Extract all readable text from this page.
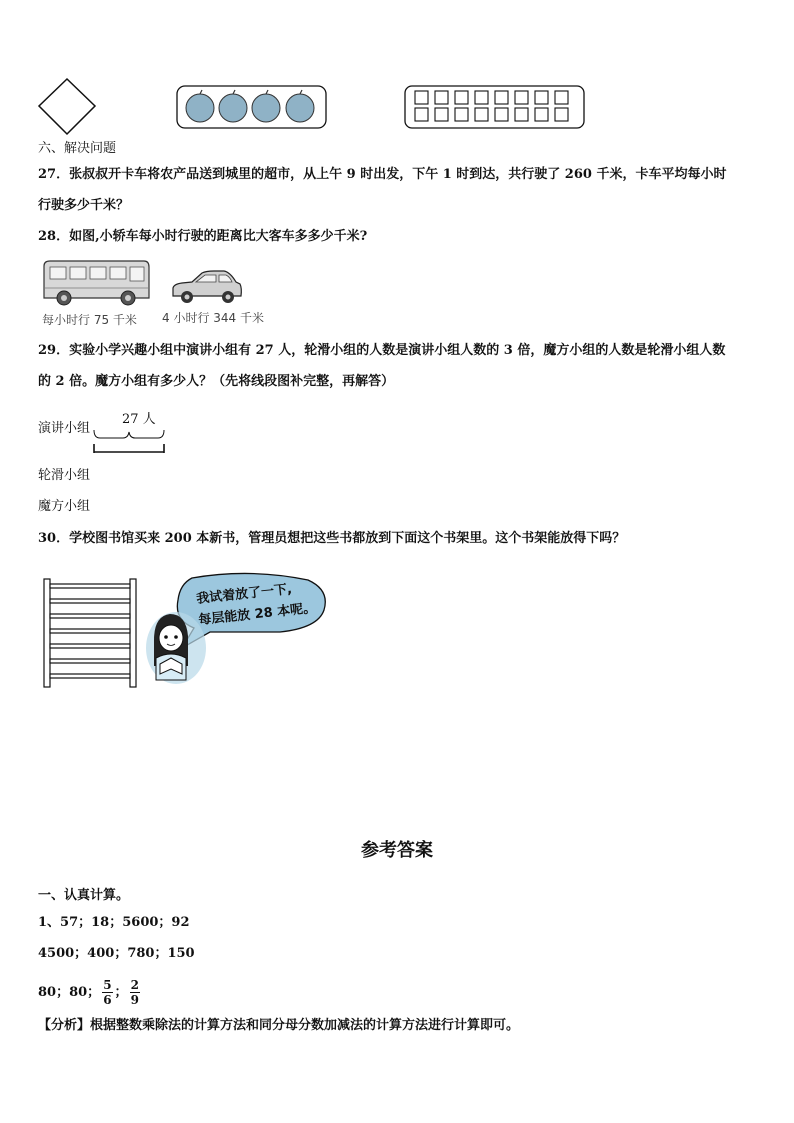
六、解决问题
27．张叔叔开卡车将农产品送到城里的超市，从上午 9 时出发，下午 1 时到达，共行驶了 260 千米，卡车平均每小时
行驶多少千米？
28．如图,小轿车每小时行驶的距离比大客车多多少千米?
每小时行 75 千米 4 小时行 344 千米
29．实验小学兴趣小组中演讲小组有 27 人，轮滑小组的人数是演讲小组人数的 3 倍，魔方小组的人数是轮滑小组人数
的 2 倍。魔方小组有多少人？（先将线段图补完整，再解答）
27 人
演讲小组
轮滑小组
魔方小组
30．学校图书馆买来 200 本新书，管理员想把这些书都放到下面这个书架里。这个书架能放得下吗？
我试着放了一下,
每层能放 28 本呢。
参考答案
一、认真计算。
1、57；18；5600；92
4500；400；780；150
80；80； $\frac{5}{6}$ ； $\frac{2}{9}$
【分析】根据整数乘除法的计算方法和同分母分数加减法的计算方法进行计算即可。
